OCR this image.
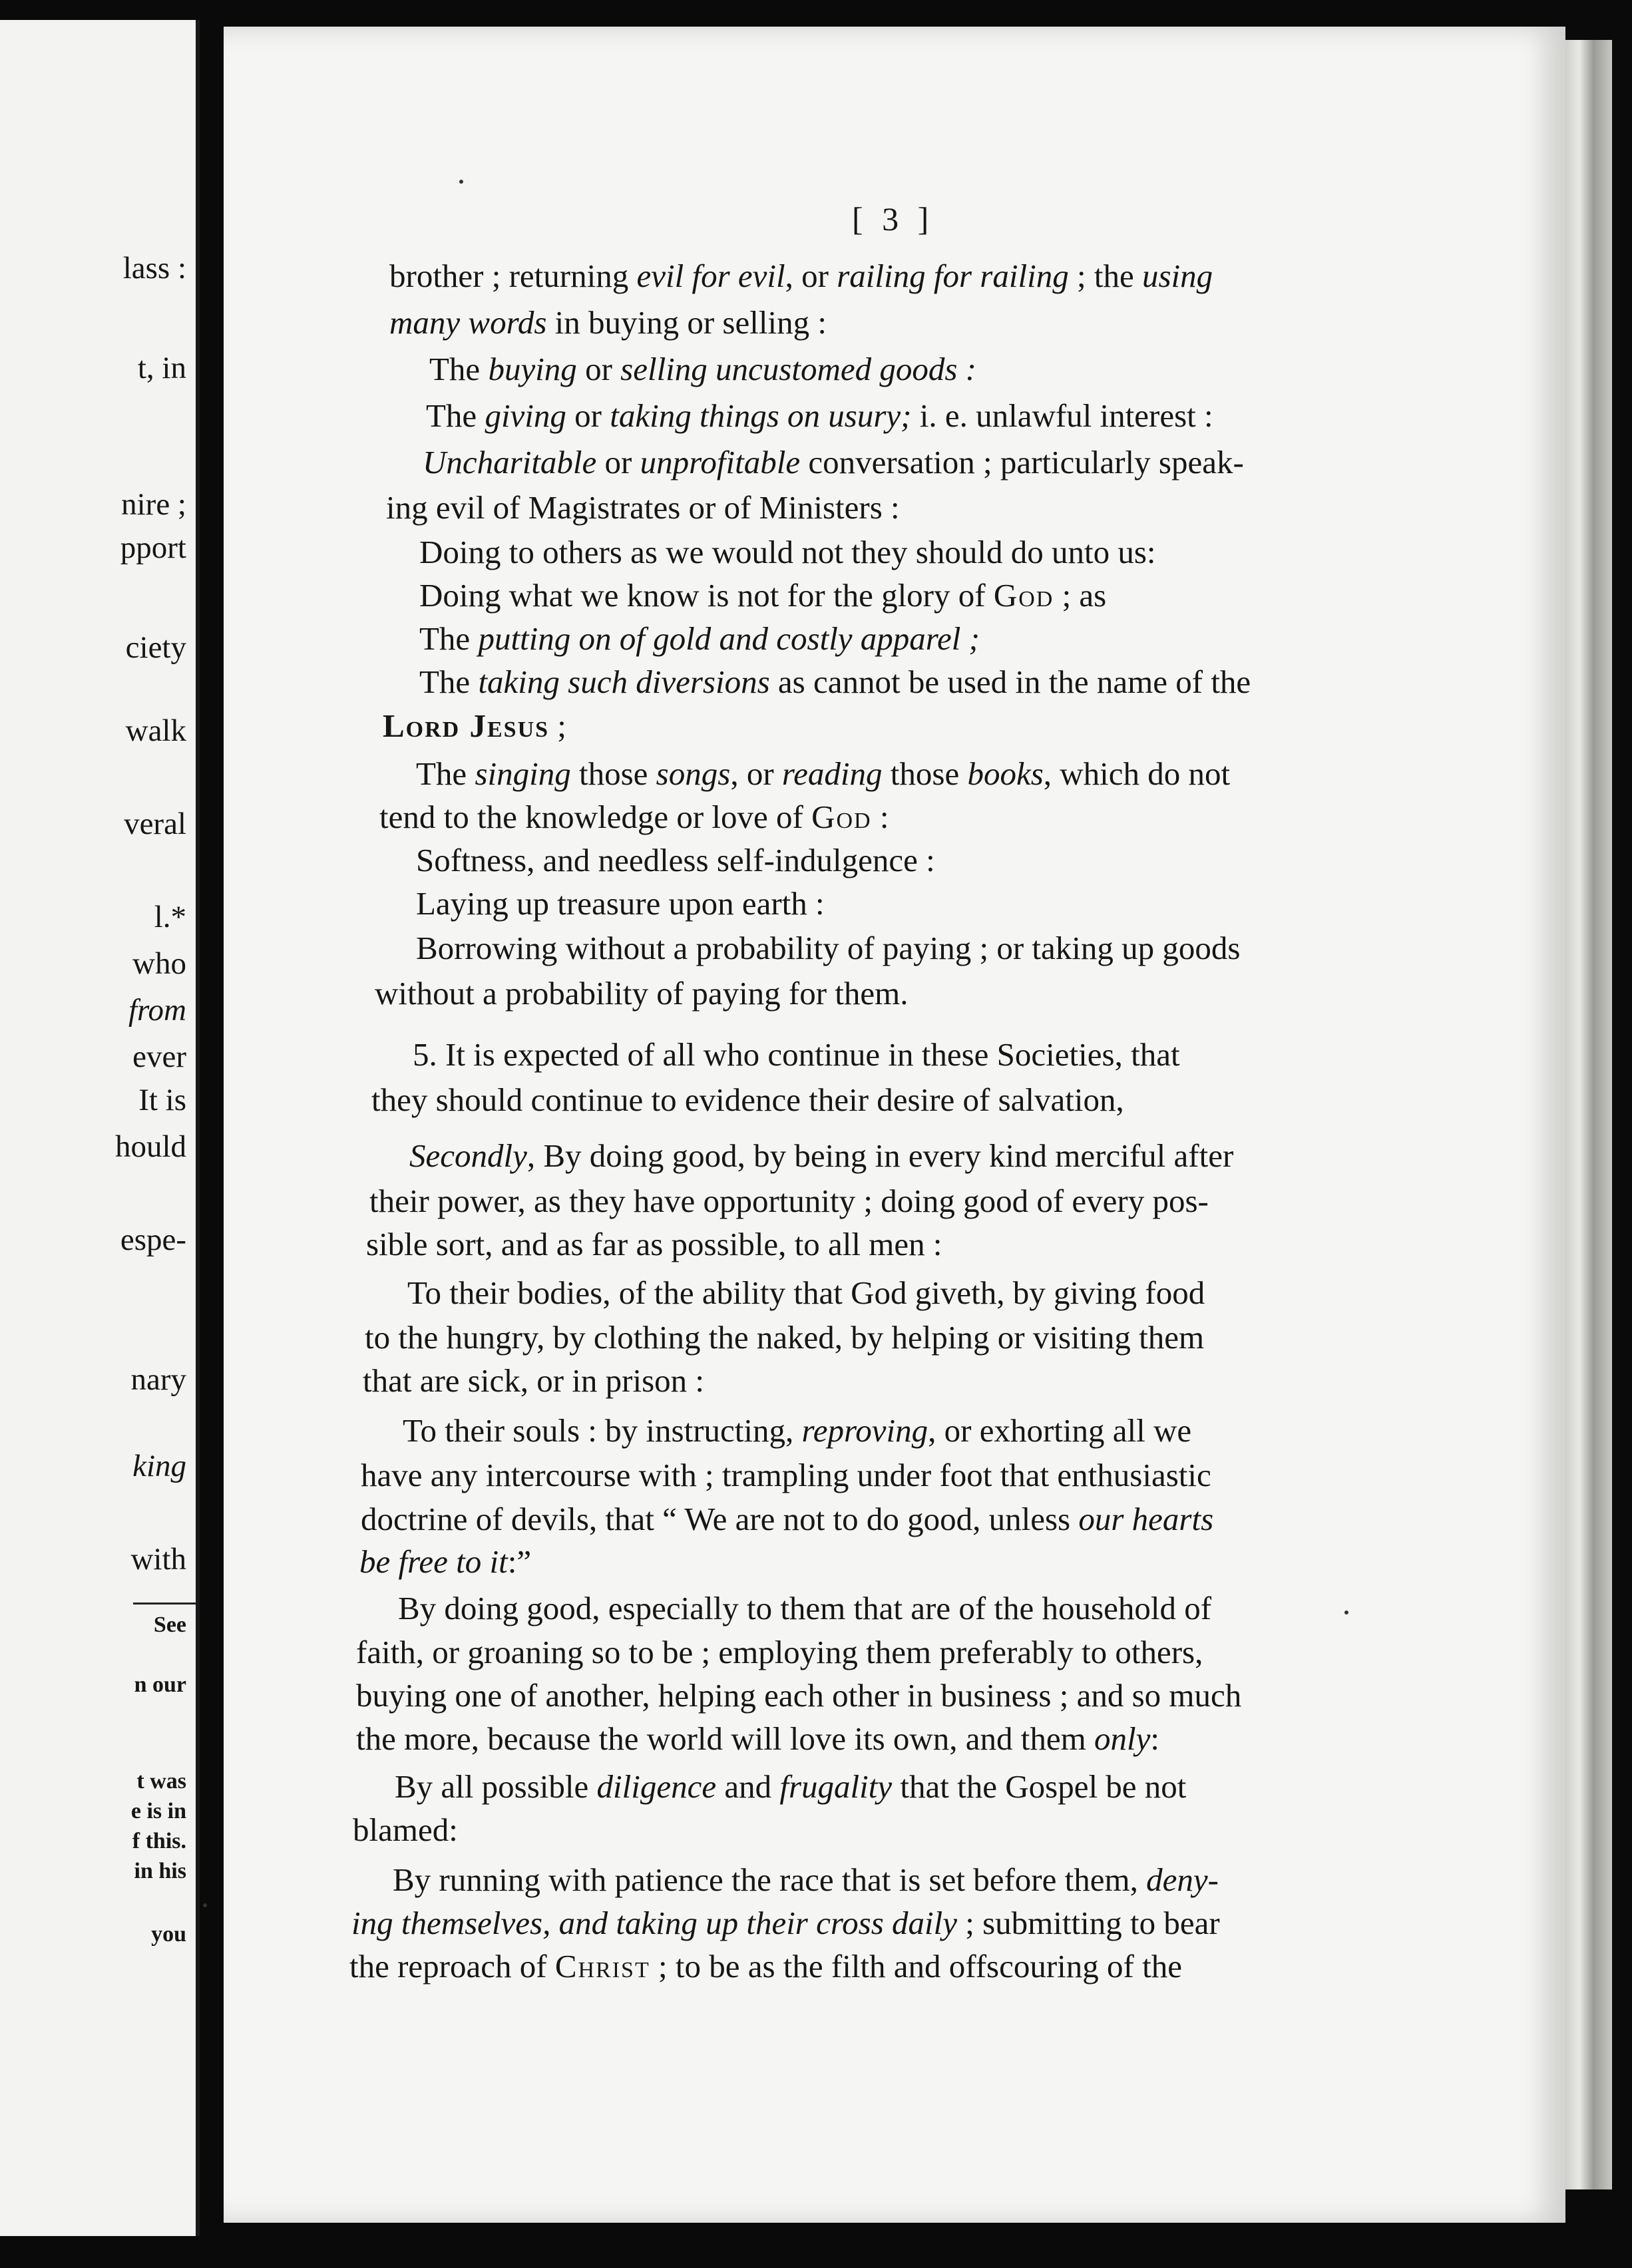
lass :
t, in
nire ;
pport
ciety
walk
veral
l.*
who
from
ever
It is
hould
espe-
nary
king
with
See
n our
t was
e is in
f this.
in his
you
[ 3 ]
brother ; returning evil for evil, or railing for railing ; the using
many words in buying or selling :
The buying or selling uncustomed goods :
The giving or taking things on usury; i. e. unlawful interest :
Uncharitable or unprofitable conversation ; particularly speak-
ing evil of Magistrates or of Ministers :
Doing to others as we would not they should do unto us:
Doing what we know is not for the glory of God ; as
The putting on of gold and costly apparel ;
The taking such diversions as cannot be used in the name of the
Lord Jesus ;
The singing those songs, or reading those books, which do not
tend to the knowledge or love of God :
Softness, and needless self-indulgence :
Laying up treasure upon earth :
Borrowing without a probability of paying ; or taking up goods
without a probability of paying for them.
5. It is expected of all who continue in these Societies, that
they should continue to evidence their desire of salvation,
Secondly, By doing good, by being in every kind merciful after
their power, as they have opportunity ; doing good of every pos-
sible sort, and as far as possible, to all men :
To their bodies, of the ability that God giveth, by giving food
to the hungry, by clothing the naked, by helping or visiting them
that are sick, or in prison :
To their souls : by instructing, reproving, or exhorting all we
have any intercourse with ; trampling under foot that enthusiastic
doctrine of devils, that “ We are not to do good, unless our hearts
be free to it:”
By doing good, especially to them that are of the household of
faith, or groaning so to be ; employing them preferably to others,
buying one of another, helping each other in business ; and so much
the more, because the world will love its own, and them only:
By all possible diligence and frugality that the Gospel be not
blamed:
By running with patience the race that is set before them, deny-
ing themselves, and taking up their cross daily ; submitting to bear
the reproach of Christ ; to be as the filth and offscouring of the
